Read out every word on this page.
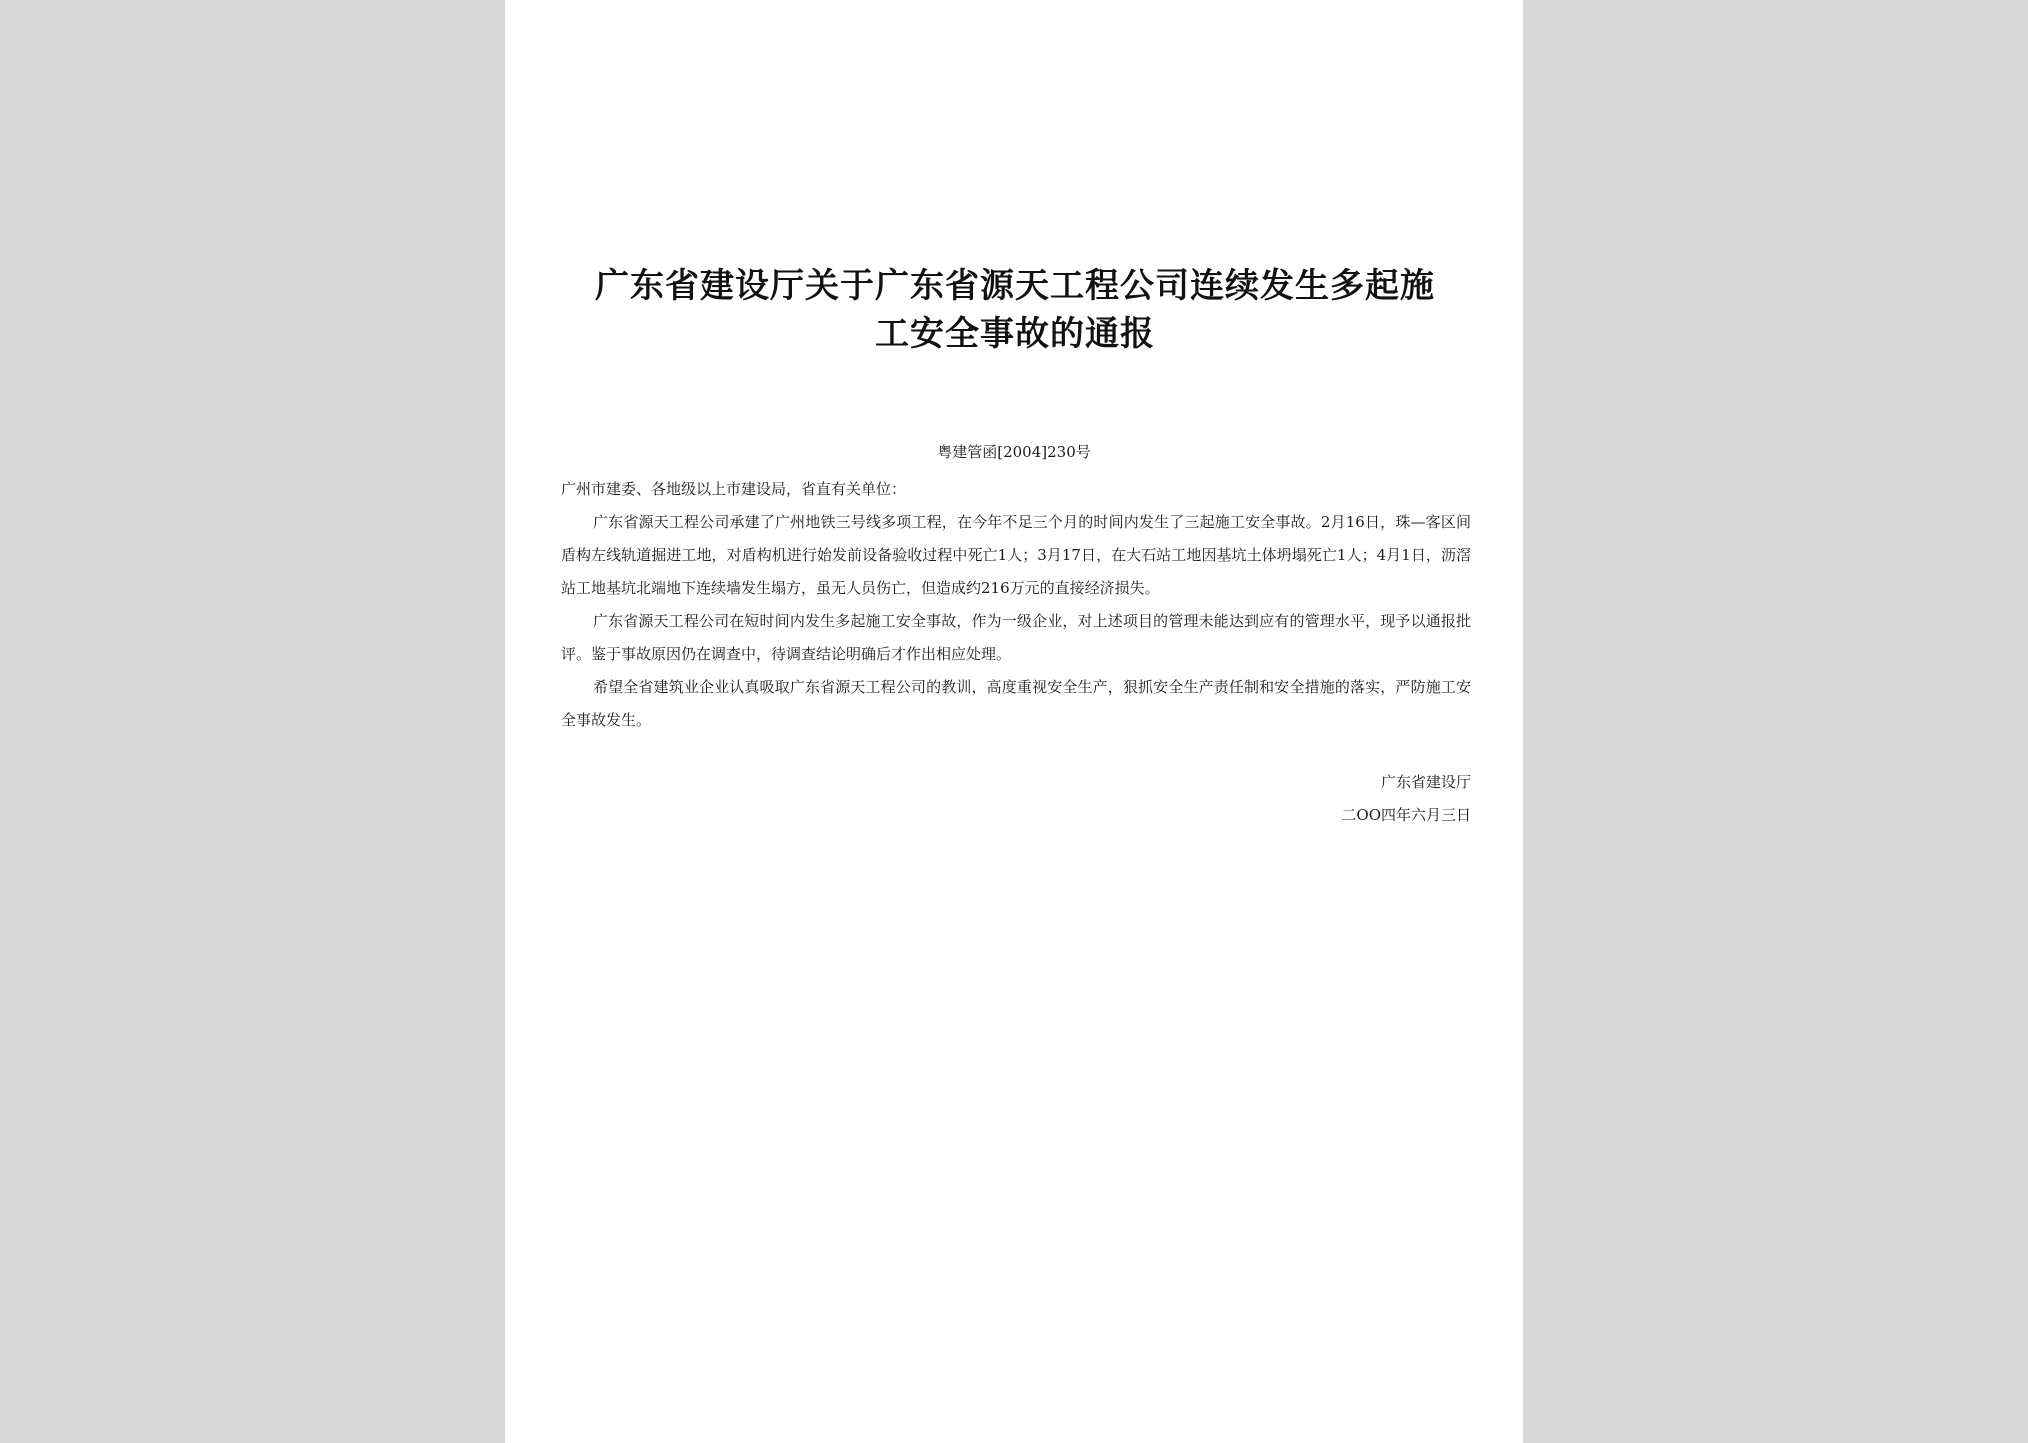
广东省建设厅关于广东省源天工程公司连续发生多起施
工安全事故的通报
粤建管函[2004]230号

广州市建委、各地级以上市建设局，省直有关单位：

广东省源天工程公司承建了广州地铁三号线多项工程，在今年不足三个月的时间内发生了三起施工安全事故。2月16日，珠—客区间盾构左线轨道掘进工地，对盾构机进行始发前设备验收过程中死亡1人；3月17日，在大石站工地因基坑土体坍塌死亡1人；4月1日，沥滘站工地基坑北端地下连续墙发生塌方，虽无人员伤亡，但造成约216万元的直接经济损失。

广东省源天工程公司在短时间内发生多起施工安全事故，作为一级企业，对上述项目的管理未能达到应有的管理水平，现予以通报批评。鉴于事故原因仍在调查中，待调查结论明确后才作出相应处理。

希望全省建筑业企业认真吸取广东省源天工程公司的教训，高度重视安全生产，狠抓安全生产责任制和安全措施的落实，严防施工安全事故发生。

广东省建设厅
二OO四年六月三日
